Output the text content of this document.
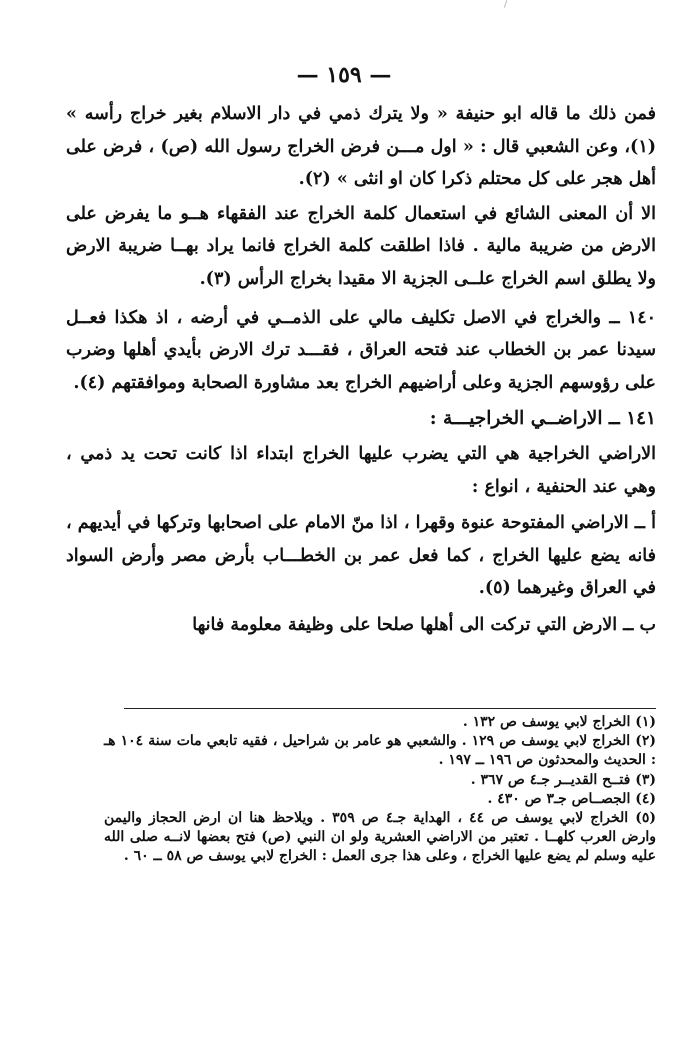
— ١٥٩ —

فمن ذلك ما قاله ابو حنيفة « ولا يترك ذمي في دار الاسلام بغير خراج رأسه » (١)، وعن الشعبي قال : « اول مـــن فرض الخراج رسول الله (ص) ، فرض على أهل هجر على كل محتلم ذكرا كان او انثى » (٢).

الا أن المعنى الشائع في استعمال كلمة الخراج عند الفقهاء هــو ما يفرض على الارض من ضريبة مالية . فاذا اطلقت كلمة الخراج فانما يراد بهــا ضريبة الارض ولا يطلق اسم الخراج علــى الجزية الا مقيدا بخراج الرأس (٣).

١٤٠ ــ والخراج في الاصل تكليف مالي على الذمــي في أرضه ، اذ هكذا فعــل سيدنا عمر بن الخطاب عند فتحه العراق ، فقـــد ترك الارض بأيدي أهلها وضرب على رؤوسهم الجزية وعلى أراضيهم الخراج بعد مشاورة الصحابة وموافقتهم (٤).

١٤١ ــ الاراضــي الخراجيـــة :

الاراضي الخراجية هي التي يضرب عليها الخراج ابتداء اذا كانت تحت يد ذمي ، وهي عند الحنفية ، انواع :

أ ــ الاراضي المفتوحة عنوة وقهرا ، اذا منّ الامام على اصحابها وتركها في أيديهم ، فانه يضع عليها الخراج ، كما فعل عمر بن الخطـــاب بأرض مصر وأرض السواد في العراق وغيرهما (٥).

ب ــ الارض التي تركت الى أهلها صلحا على وظيفة معلومة فانها

(١) الخراج لابي يوسف ص ١٣٢ .

(٢) الخراج لابي يوسف ص ١٢٩ . والشعبي هو عامر بن شراحيل ، فقيه تابعي مات سنة ١٠٤ هـ : الحديث والمحدثون ص ١٩٦ ــ ١٩٧ .

(٣) فتــح القديــر جـ٤ ص ٣٦٧ .

(٤) الجصــاص جـ٣ ص ٤٣٠ .

(٥) الخراج لابي يوسف ص ٤٤ ، الهداية جـ٤ ص ٣٥٩ . ويلاحظ هنا ان ارض الحجاز واليمن وارض العرب كلهــا . تعتبر من الاراضي العشرية ولو ان النبي (ص) فتح بعضها لانــه صلى الله عليه وسلم لم يضع عليها الخراج ، وعلى هذا جرى العمل : الخراج لابي يوسف ص ٥٨ ــ ٦٠ .
